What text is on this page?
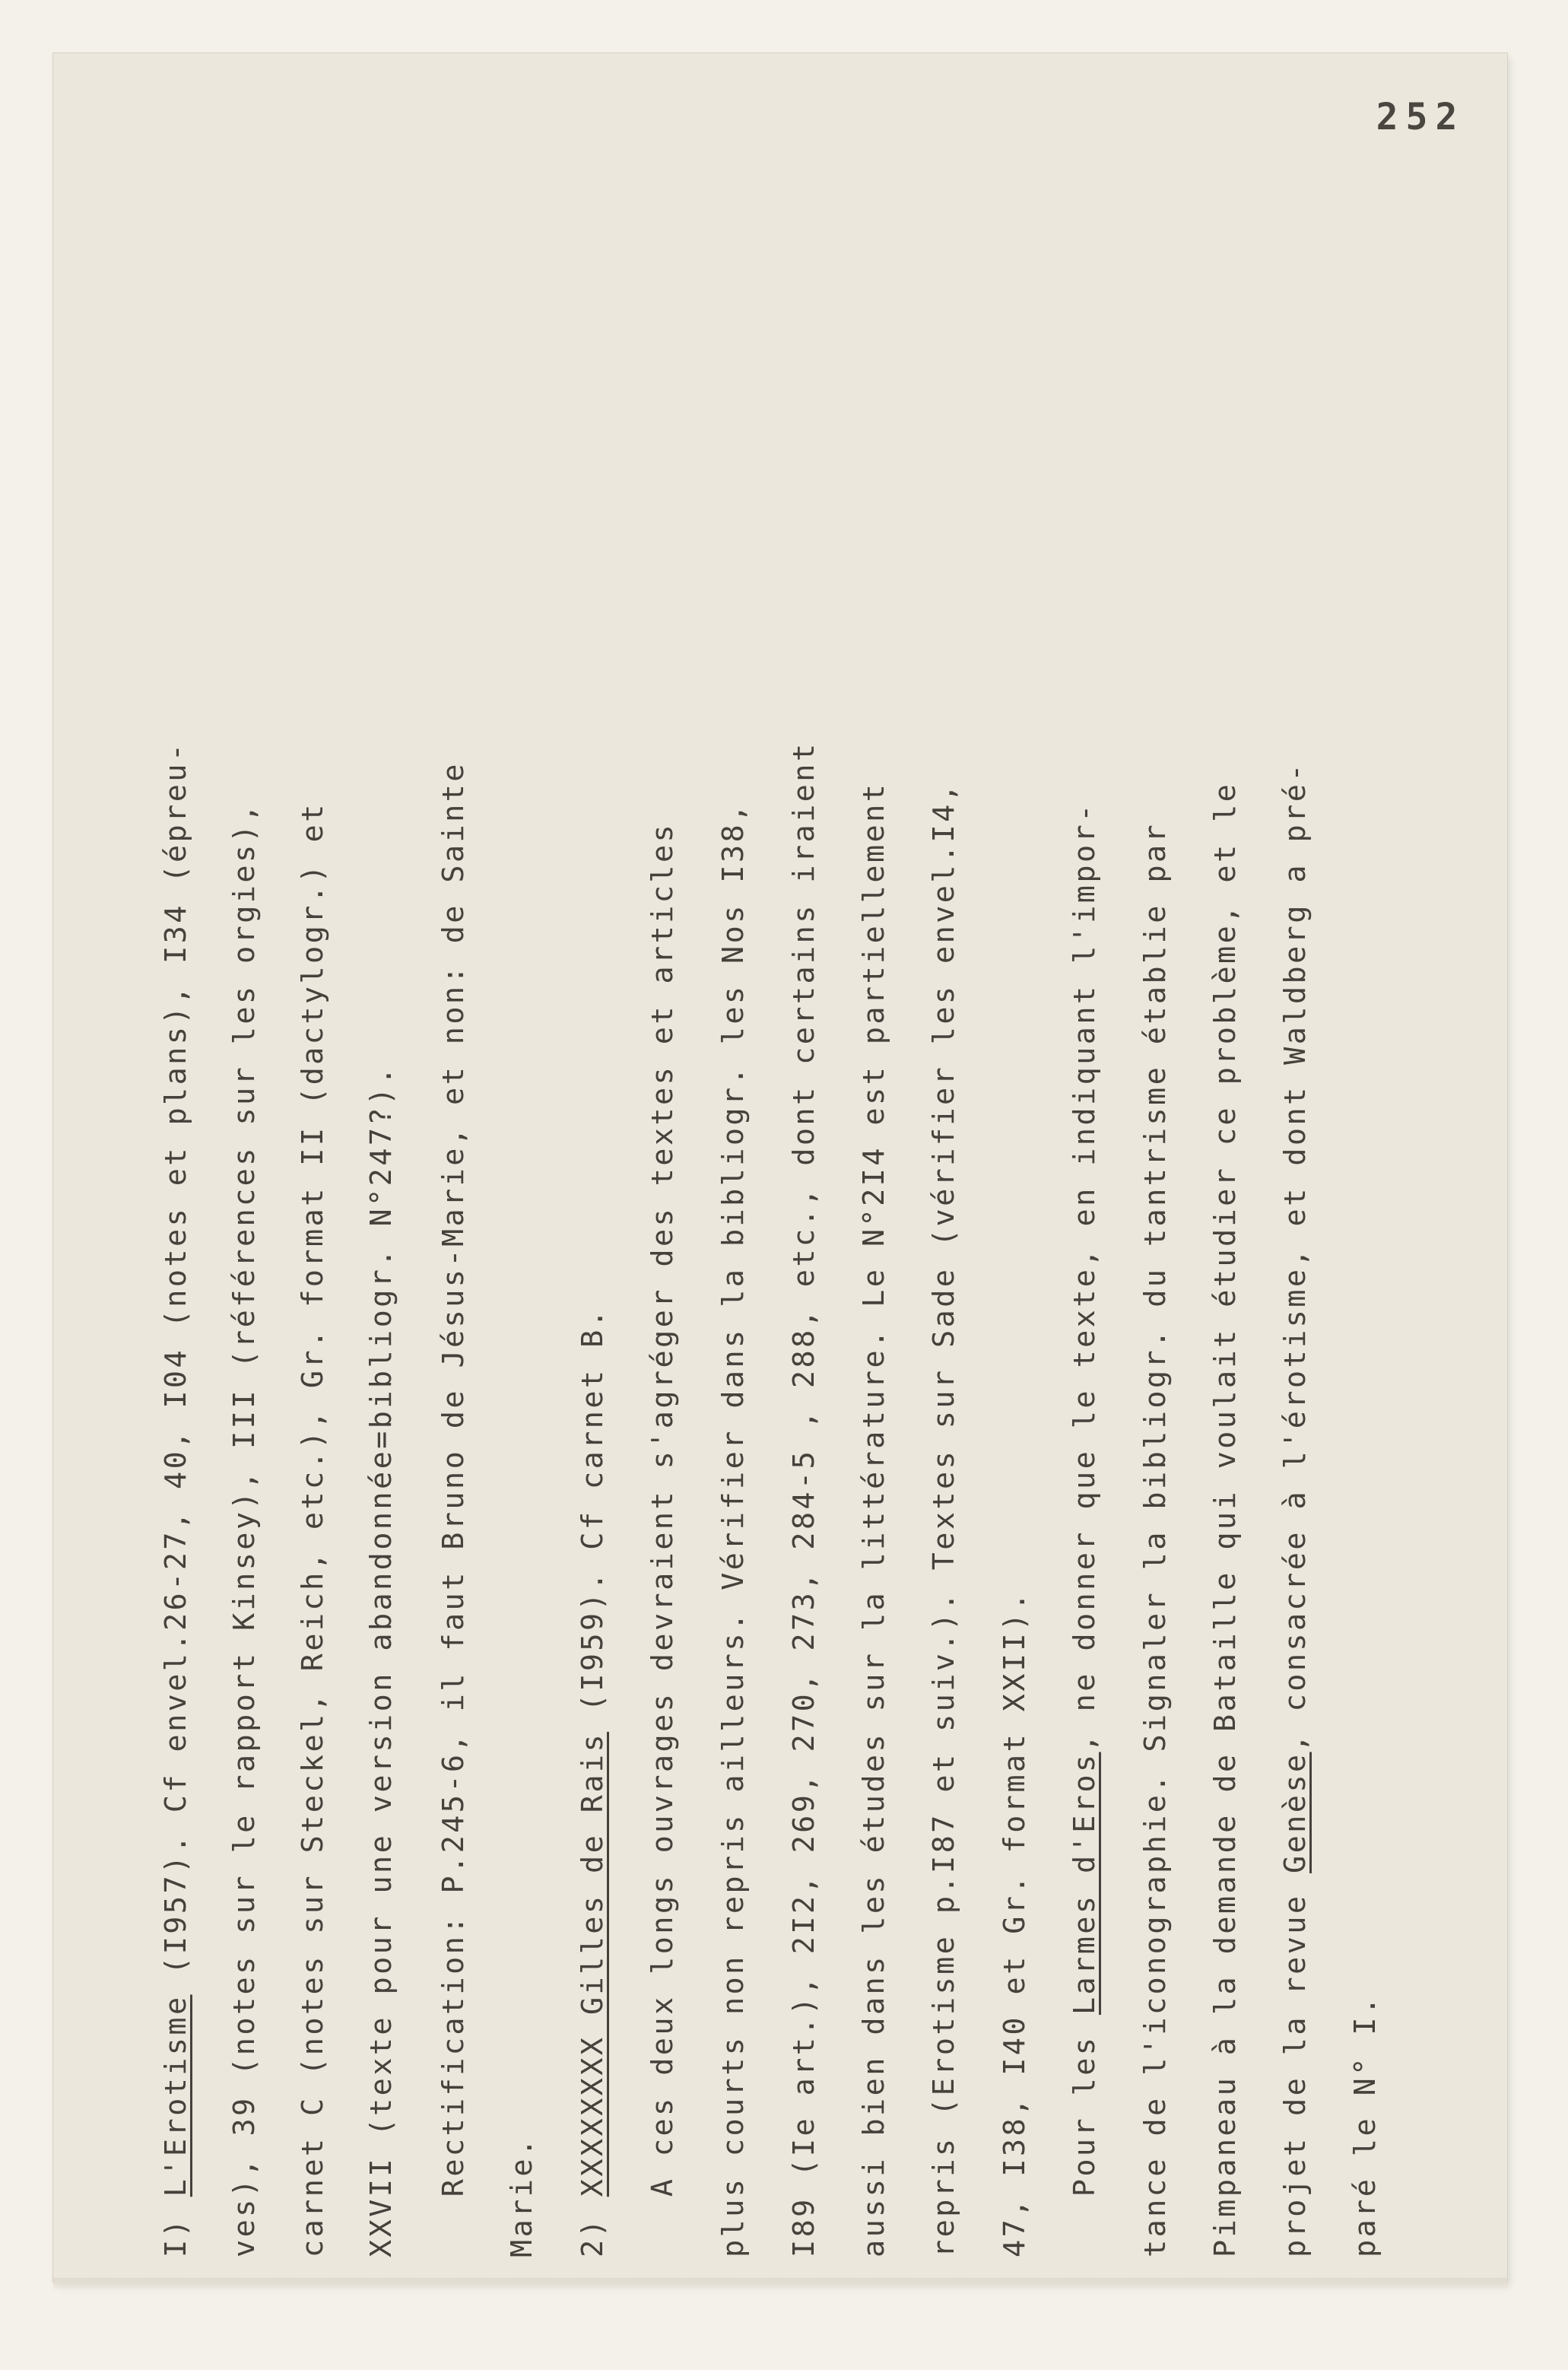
252
I) L'Erotisme (I957). Cf envel.26-27, 40, I04 (notes et plans), I34 (épreu- ves), 39 (notes sur le rapport Kinsey), III (références sur les orgies), carnet C (notes sur Steckel, Reich, etc.), Gr. format II (dactylogr.) et XXVII (texte pour une version abandonnée=bibliogr. N°247?). Rectification: P.245-6, il faut Bruno de Jésus-Marie, et non: de Sainte Marie. 2) XXXXXXXX Gilles de Rais (I959). Cf carnet B. A ces deux longs ouvrages devraient s'agréger des textes et articles plus courts non repris ailleurs. Vérifier dans la bibliogr. les Nos I38, I89 (Ie art.), 2I2, 269, 270, 273, 284-5 , 288, etc., dont certains iraient aussi bien dans les études sur la littérature. Le N°2I4 est partiellement repris (Erotisme p.I87 et suiv.). Textes sur Sade (vérifier les envel.I4, 47, I38, I40 et Gr. format XXII). Pour les Larmes d'Eros, ne donner que le texte, en indiquant l'impor- tance de l'iconographie. Signaler la bibliogr. du tantrisme établie par Pimpaneau à la demande de Bataille qui voulait étudier ce problème, et le projet de la revue Genèse, consacrée à l'érotisme, et dont Waldberg a pré-
paré le N° I.
